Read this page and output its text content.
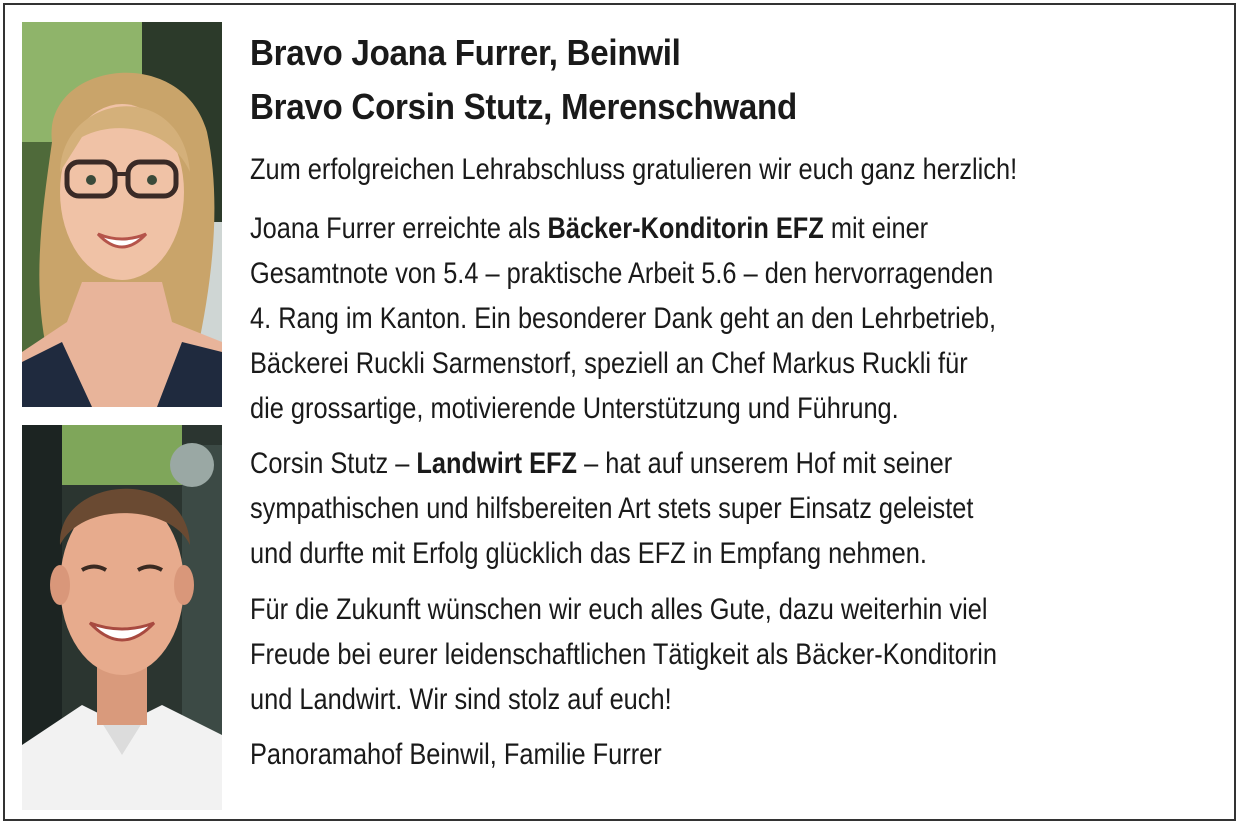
Bravo Joana Furrer, Beinwil
Bravo Corsin Stutz, Merenschwand

Zum erfolgreichen Lehrabschluss gratulieren wir euch ganz herzlich!

Joana Furrer erreichte als Bäcker-Konditorin EFZ mit einer
Gesamtnote von 5.4 – praktische Arbeit 5.6 – den hervorragenden
4. Rang im Kanton. Ein besonderer Dank geht an den Lehrbetrieb,
Bäckerei Ruckli Sarmenstorf, speziell an Chef Markus Ruckli für
die grossartige, motivierende Unterstützung und Führung.

Corsin Stutz – Landwirt EFZ – hat auf unserem Hof mit seiner
sympathischen und hilfsbereiten Art stets super Einsatz geleistet
und durfte mit Erfolg glücklich das EFZ in Empfang nehmen.

Für die Zukunft wünschen wir euch alles Gute, dazu weiterhin viel
Freude bei eurer leidenschaftlichen Tätigkeit als Bäcker-Konditorin
und Landwirt. Wir sind stolz auf euch!

Panoramahof Beinwil, Familie Furrer
